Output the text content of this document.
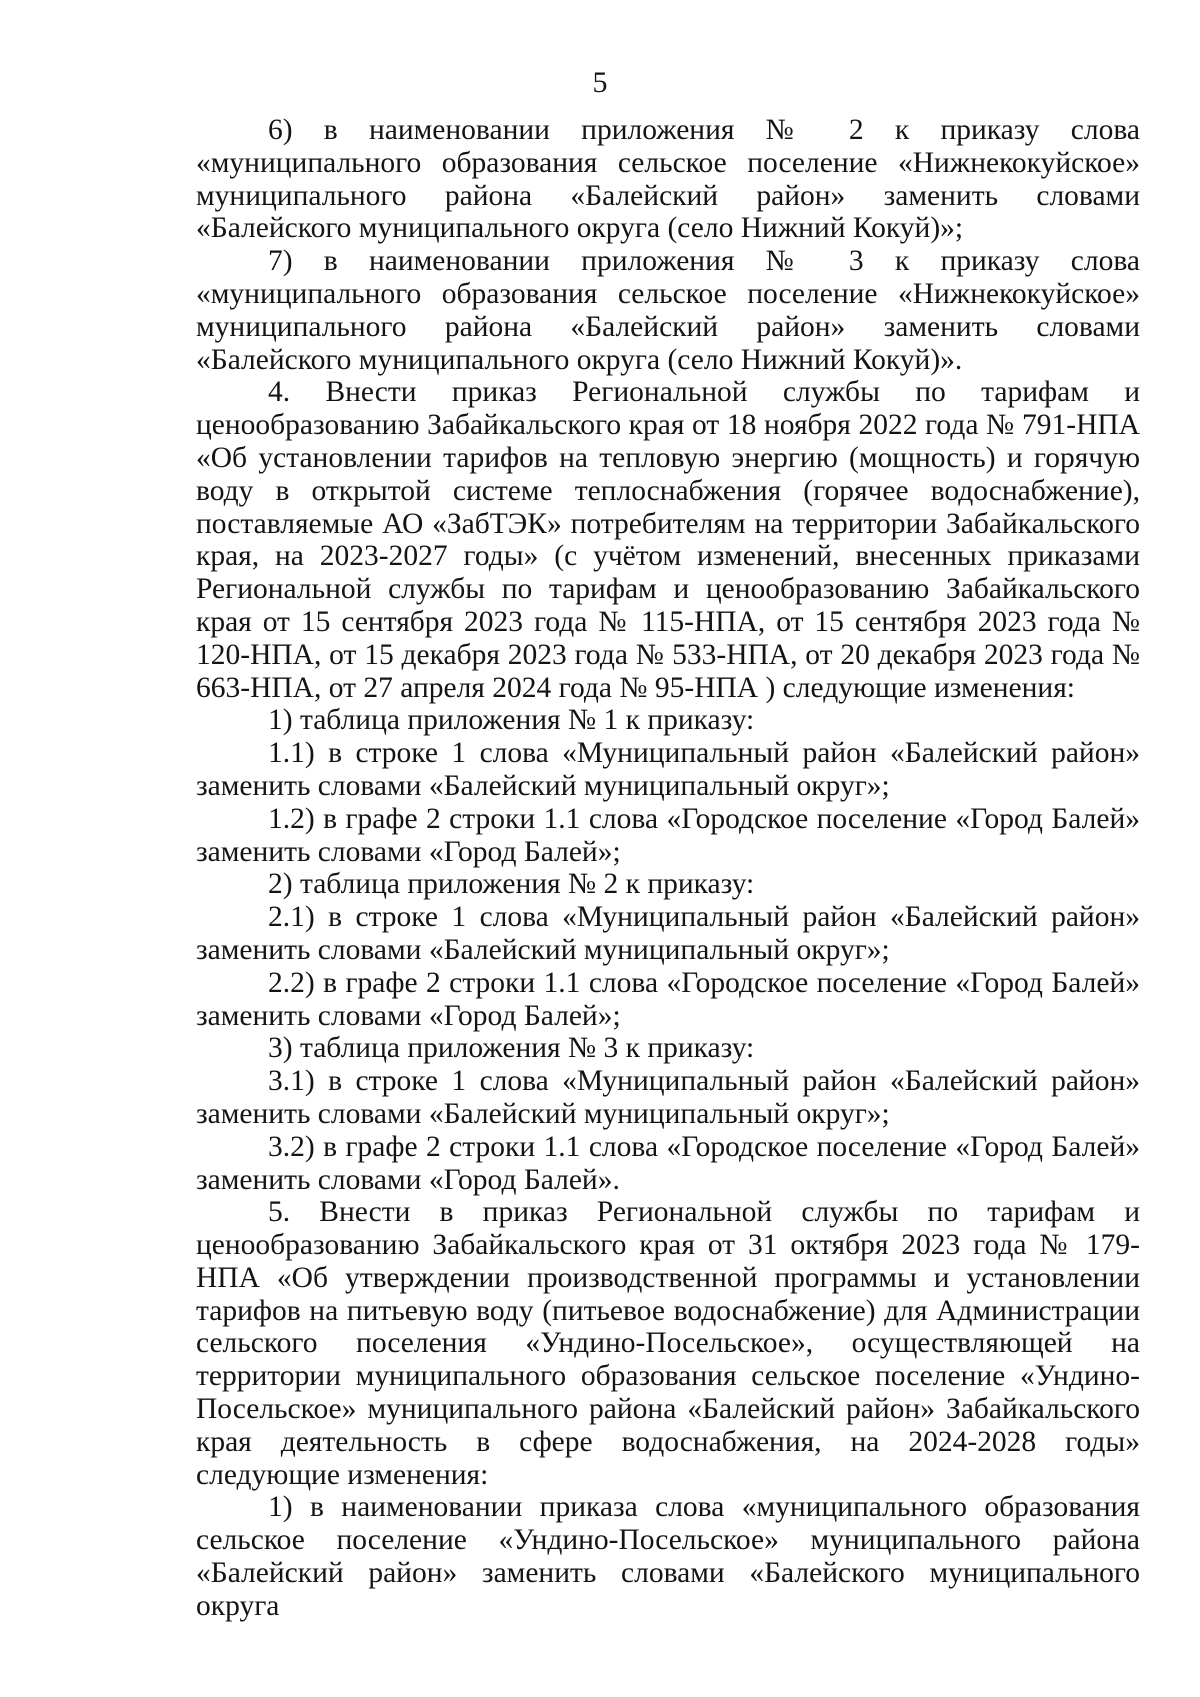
5

6) в наименовании приложения № 2 к приказу слова «муниципального образования сельское поселение «Нижнекокуйское» муниципального района «Балейский район» заменить словами «Балейского муниципального округа (село Нижний Кокуй)»;

7) в наименовании приложения № 3 к приказу слова «муниципального образования сельское поселение «Нижнекокуйское» муниципального района «Балейский район» заменить словами «Балейского муниципального округа (село Нижний Кокуй)».

4. Внести приказ Региональной службы по тарифам и ценообразованию Забайкальского края от 18 ноября 2022 года № 791-НПА «Об установлении тарифов на тепловую энергию (мощность) и горячую воду в открытой системе теплоснабжения (горячее водоснабжение), поставляемые АО «ЗабТЭК» потребителям на территории Забайкальского края, на 2023-2027 годы» (с учётом изменений, внесенных приказами Региональной службы по тарифам и ценообразованию Забайкальского края от 15 сентября 2023 года № 115-НПА, от 15 сентября 2023 года № 120-НПА, от 15 декабря 2023 года № 533-НПА, от 20 декабря 2023 года № 663-НПА, от 27 апреля 2024 года № 95-НПА ) следующие изменения:

1) таблица приложения № 1 к приказу:

1.1) в строке 1 слова «Муниципальный район «Балейский район» заменить словами «Балейский муниципальный округ»;

1.2) в графе 2 строки 1.1 слова «Городское поселение «Город Балей» заменить словами «Город Балей»;

2) таблица приложения № 2 к приказу:

2.1) в строке 1 слова «Муниципальный район «Балейский район» заменить словами «Балейский муниципальный округ»;

2.2) в графе 2 строки 1.1 слова «Городское поселение «Город Балей» заменить словами «Город Балей»;

3) таблица приложения № 3 к приказу:

3.1) в строке 1 слова «Муниципальный район «Балейский район» заменить словами «Балейский муниципальный округ»;

3.2) в графе 2 строки 1.1 слова «Городское поселение «Город Балей» заменить словами «Город Балей».

5. Внести в приказ Региональной службы по тарифам и ценообразованию Забайкальского края от 31 октября 2023 года № 179-НПА «Об утверждении производственной программы и установлении тарифов на питьевую воду (питьевое водоснабжение) для Администрации сельского поселения «Ундино-Посельское», осуществляющей на территории муниципального образования сельское поселение «Ундино-Посельское» муниципального района «Балейский район» Забайкальского края деятельность в сфере водоснабжения, на 2024-2028 годы» следующие изменения:

1) в наименовании приказа слова «муниципального образования сельское поселение «Ундино-Посельское» муниципального района «Балейский район» заменить словами «Балейского муниципального округа
